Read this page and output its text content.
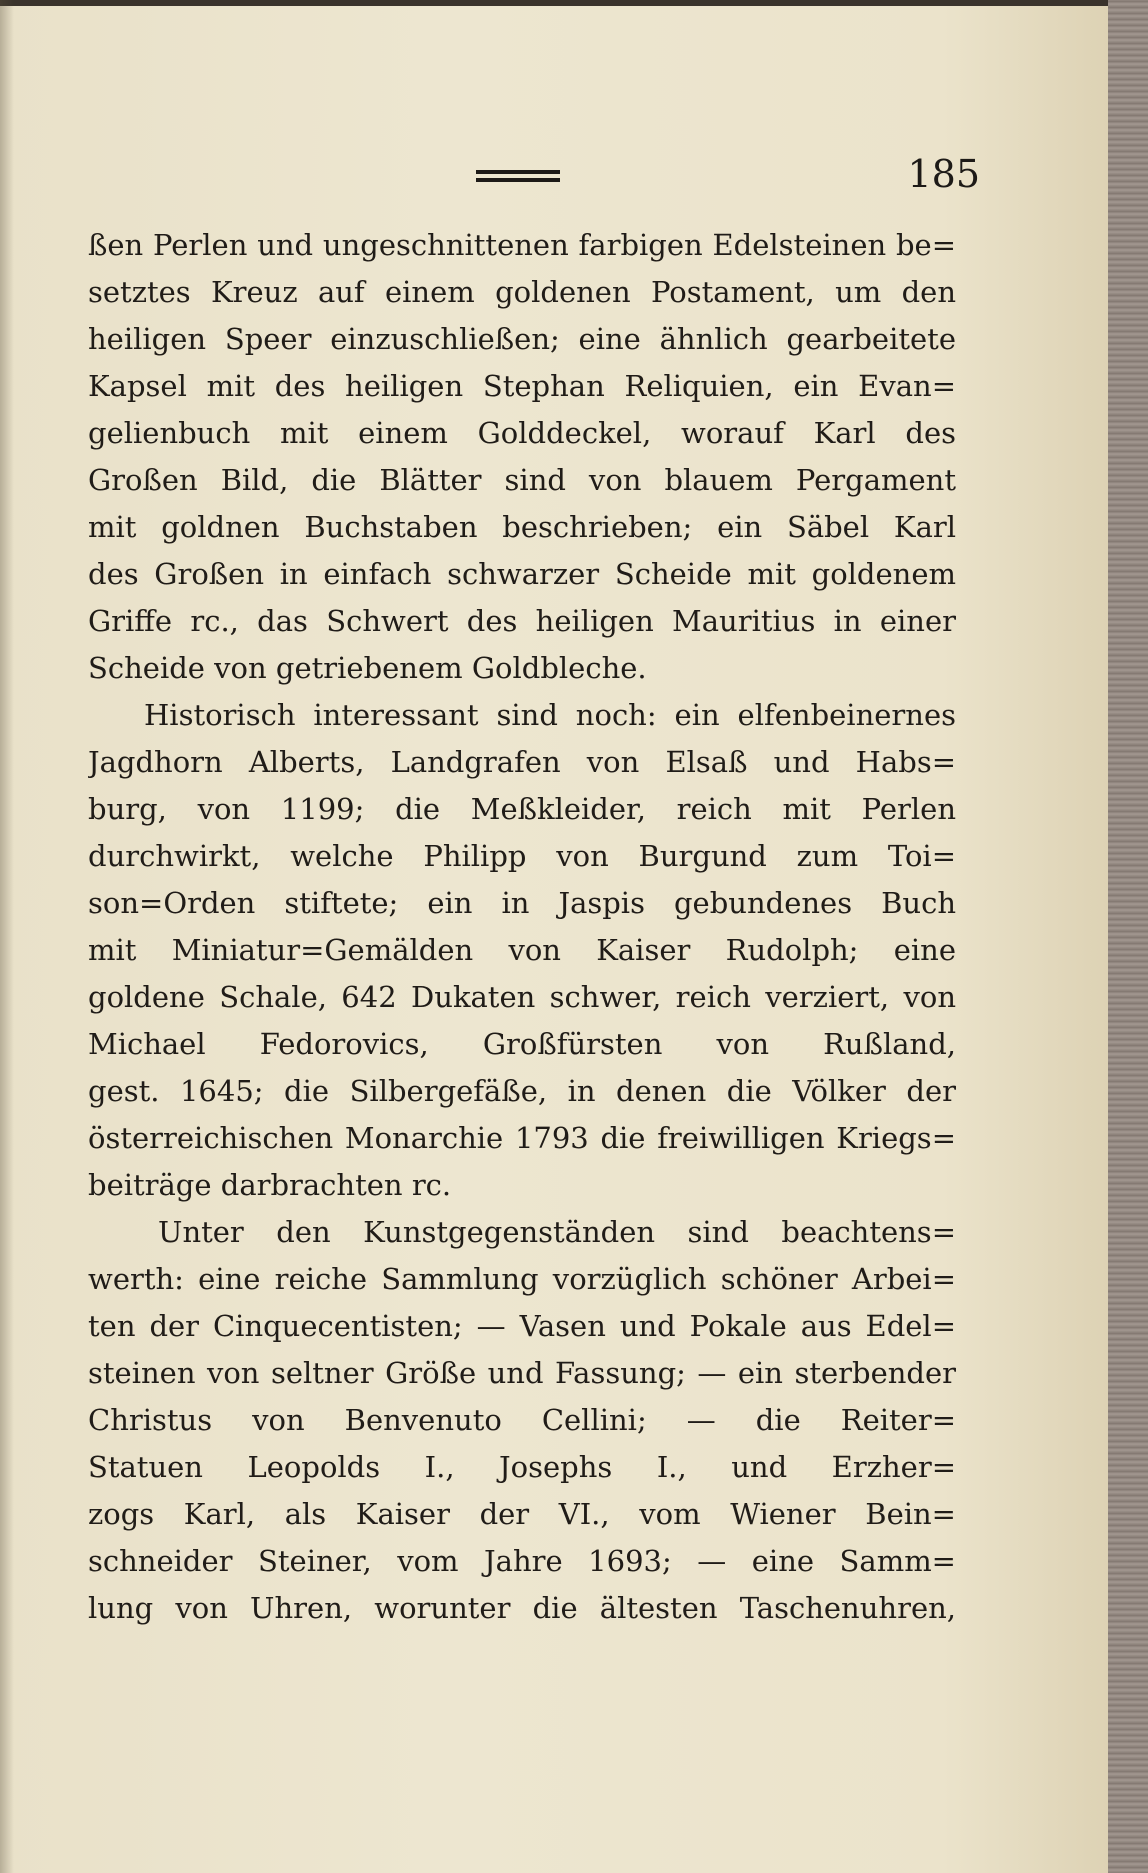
185
ßen Perlen und ungeschnittenen farbigen Edelsteinen be=
setztes Kreuz auf einem goldenen Postament, um den
heiligen Speer einzuschließen; eine ähnlich gearbeitete
Kapsel mit des heiligen Stephan Reliquien, ein Evan=
gelienbuch mit einem Golddeckel, worauf Karl des
Großen Bild, die Blätter sind von blauem Pergament
mit goldnen Buchstaben beschrieben; ein Säbel Karl
des Großen in einfach schwarzer Scheide mit goldenem
Griffe rc., das Schwert des heiligen Mauritius in einer
Scheide von getriebenem Goldbleche.
Historisch interessant sind noch: ein elfenbeinernes
Jagdhorn Alberts, Landgrafen von Elsaß und Habs=
burg, von 1199; die Meßkleider, reich mit Perlen
durchwirkt, welche Philipp von Burgund zum Toi=
son=Orden stiftete; ein in Jaspis gebundenes Buch
mit Miniatur=Gemälden von Kaiser Rudolph; eine
goldene Schale, 642 Dukaten schwer, reich verziert, von
Michael Fedorovics, Großfürsten von Rußland,
gest. 1645; die Silbergefäße, in denen die Völker der
österreichischen Monarchie 1793 die freiwilligen Kriegs=
beiträge darbrachten rc.
Unter den Kunstgegenständen sind beachtens=
werth: eine reiche Sammlung vorzüglich schöner Arbei=
ten der Cinquecentisten; — Vasen und Pokale aus Edel=
steinen von seltner Größe und Fassung; — ein sterbender
Christus von Benvenuto Cellini; — die Reiter=
Statuen Leopolds I., Josephs I., und Erzher=
zogs Karl, als Kaiser der VI., vom Wiener Bein=
schneider Steiner, vom Jahre 1693; — eine Samm=
lung von Uhren, worunter die ältesten Taschenuhren,
